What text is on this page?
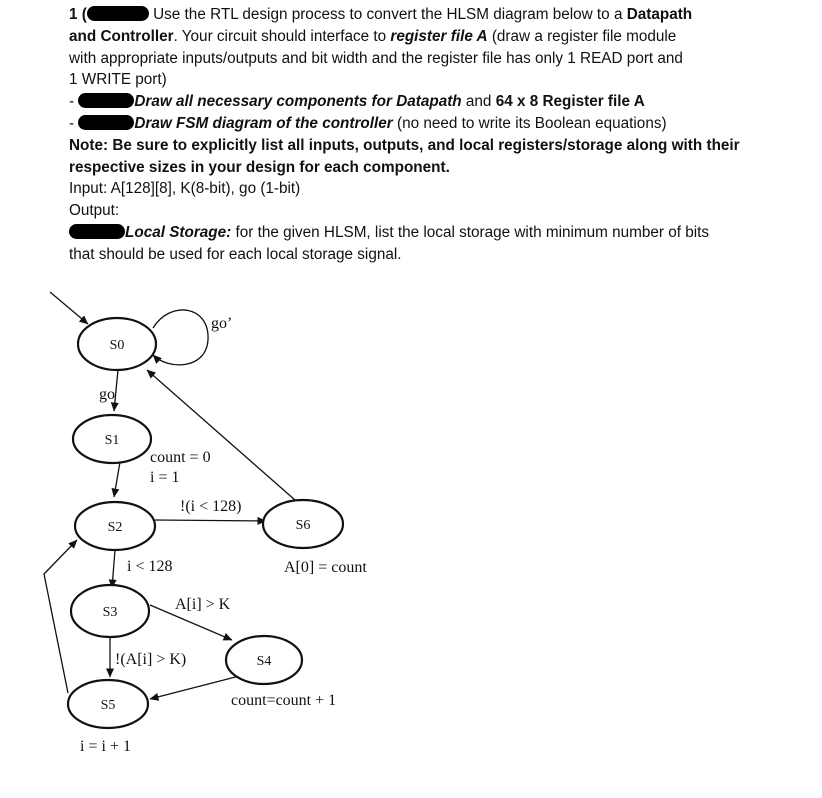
1 (	Use the RTL design process to convert the HLSM diagram below to a Datapath
and Controller. Your circuit should interface to register file A (draw a register file module
with appropriate inputs/outputs and bit width and the register file has only 1 READ port and
1 WRITE port)
-	Draw all necessary components for Datapath and 64 x 8 Register file A
-	Draw FSM diagram of the controller (no need to write its Boolean equations)
Note: Be sure to explicitly list all inputs, outputs, and local registers/storage along with their
respective sizes in your design for each component.
Input: A[128][8], K(8-bit), go (1-bit)
Output:
Local Storage: for the given HLSM, list the local storage with minimum number of bits
that should be used for each local storage signal.
S0
S1
S2
S3
S4
S5
S6
go’
go
count = 0
i = 1
!(i < 128)
A[0] = count
i < 128
A[i] > K
!(A[i] > K)
count=count + 1
i = i + 1
